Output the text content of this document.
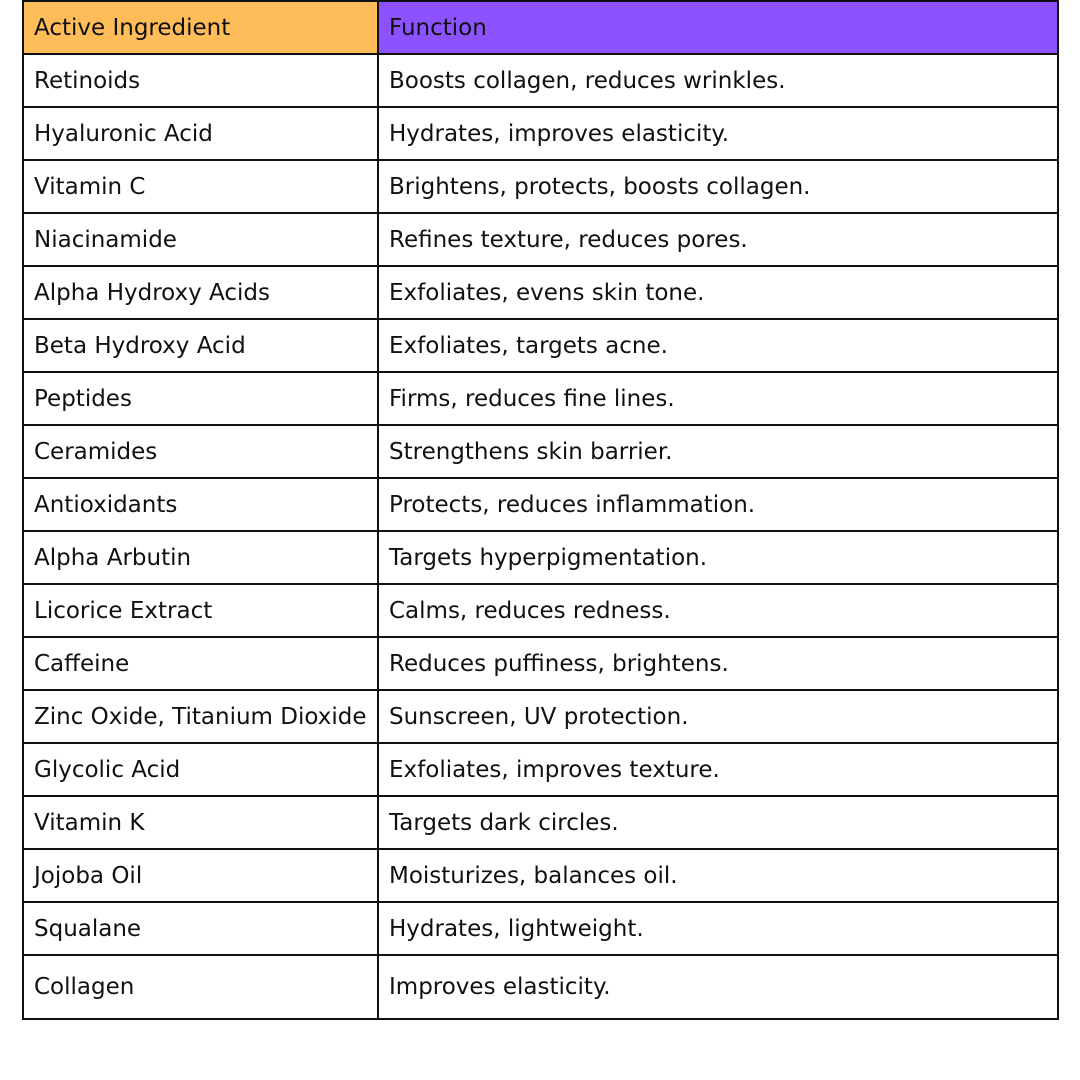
Active Ingredient	Function
Retinoids	Boosts collagen, reduces wrinkles.
Hyaluronic Acid	Hydrates, improves elasticity.
Vitamin C	Brightens, protects, boosts collagen.
Niacinamide	Refines texture, reduces pores.
Alpha Hydroxy Acids	Exfoliates, evens skin tone.
Beta Hydroxy Acid	Exfoliates, targets acne.
Peptides	Firms, reduces fine lines.
Ceramides	Strengthens skin barrier.
Antioxidants	Protects, reduces inflammation.
Alpha Arbutin	Targets hyperpigmentation.
Licorice Extract	Calms, reduces redness.
Caffeine	Reduces puffiness, brightens.
Zinc Oxide, Titanium Dioxide	Sunscreen, UV protection.
Glycolic Acid	Exfoliates, improves texture.
Vitamin K	Targets dark circles.
Jojoba Oil	Moisturizes, balances oil.
Squalane	Hydrates, lightweight.
Collagen	Improves elasticity.
